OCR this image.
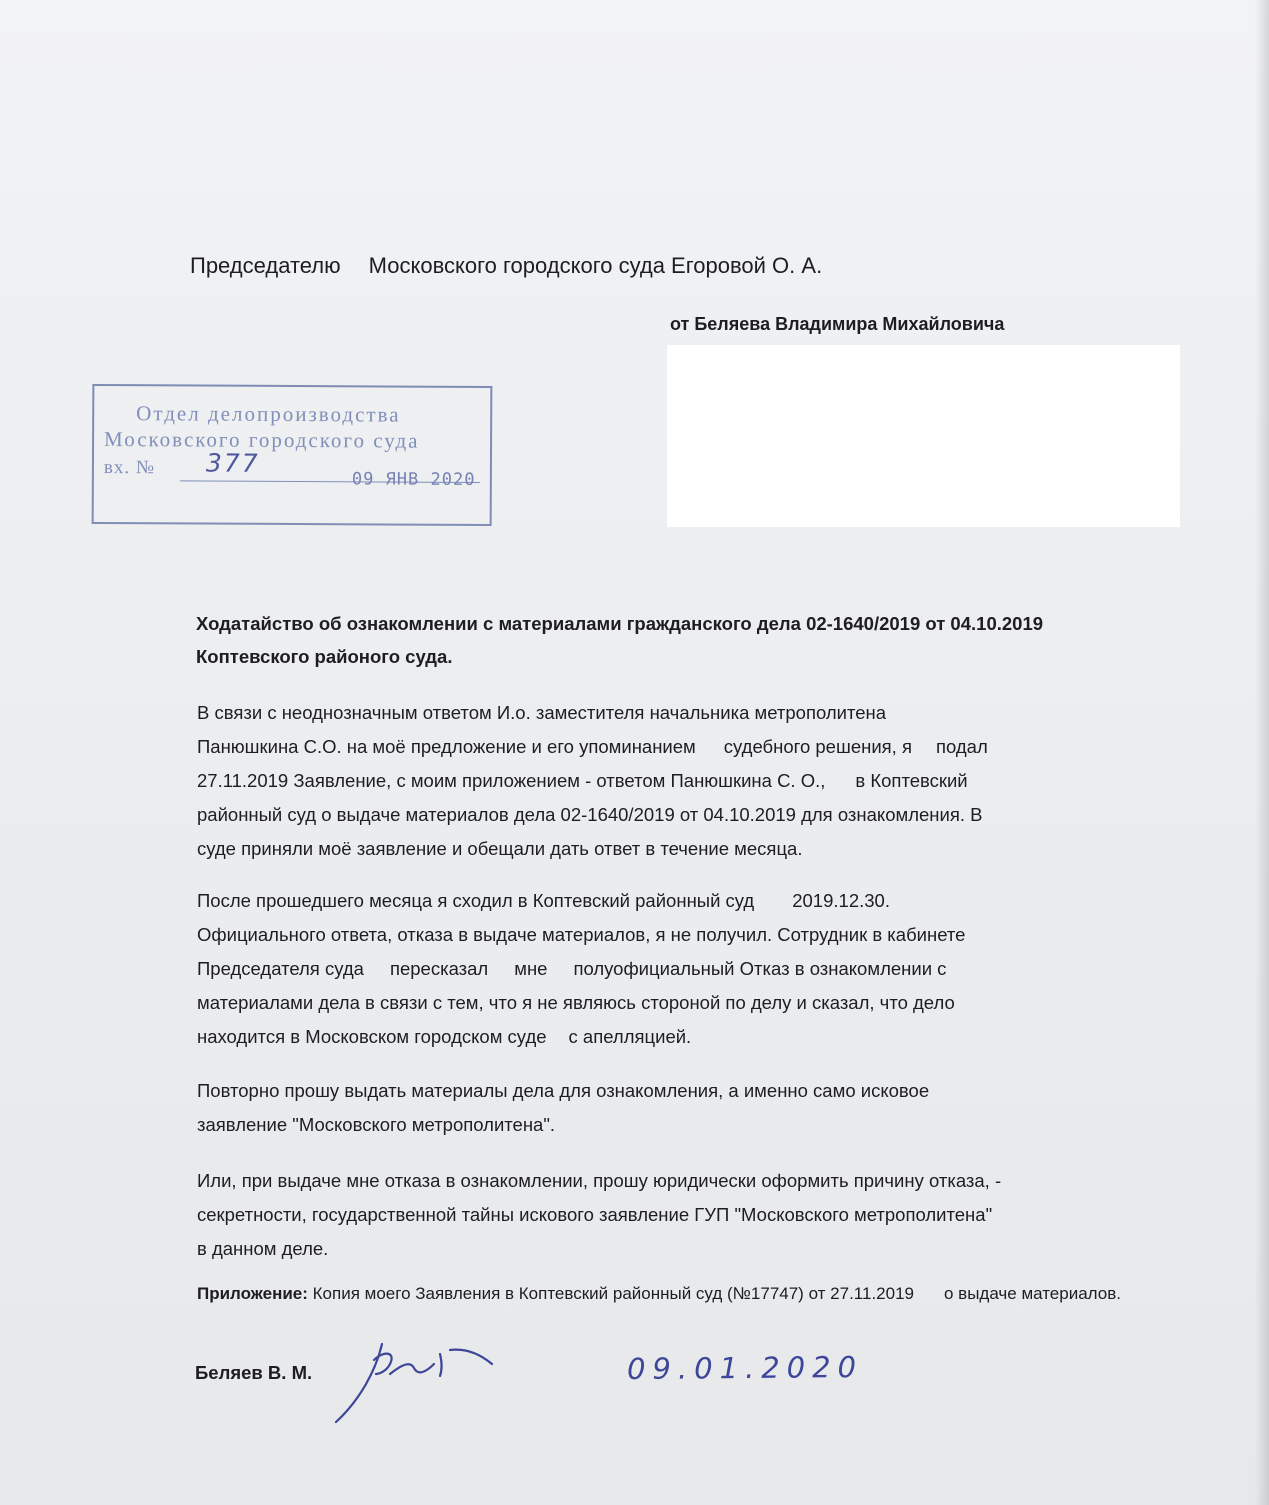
Председателю Московского городского суда Егоровой О. А.
от Беляева Владимира Михайловича
Отдел делопроизводства
Московского городского суда
вх. № 377
09 ЯНВ 2020
Ходатайство об ознакомлении с материалами гражданского дела 02-1640/2019 от 04.10.2019 Коптевского районого суда.
В связи с неоднозначным ответом И.о. заместителя начальника метрополитена
Панюшкина С.О. на моё предложение и его упоминанием судебного решения, я подал
27.11.2019 Заявление, с моим приложением - ответом Панюшкина С. О., в Коптевский
районный суд о выдаче материалов дела 02-1640/2019 от 04.10.2019 для ознакомления. В
суде приняли моё заявление и обещали дать ответ в течение месяца.
После прошедшего месяца я сходил в Коптевский районный суд 2019.12.30.
Официального ответа, отказа в выдаче материалов, я не получил. Сотрудник в кабинете
Председателя суда пересказал мне полуофициальный Отказ в ознакомлении с
материалами дела в связи с тем, что я не являюсь стороной по делу и сказал, что дело
находится в Московском городском суде с апелляцией.
Повторно прошу выдать материалы дела для ознакомления, а именно само исковое
заявление "Московского метрополитена".
Или, при выдаче мне отказа в ознакомлении, прошу юридически оформить причину отказа, -
секретности, государственной тайны искового заявление ГУП "Московского метрополитена"
в данном деле.
Приложение: Копия моего Заявления в Коптевский районный суд (№17747) от 27.11.2019 о выдаче материалов.
Беляев В. М.	09.01.2020
